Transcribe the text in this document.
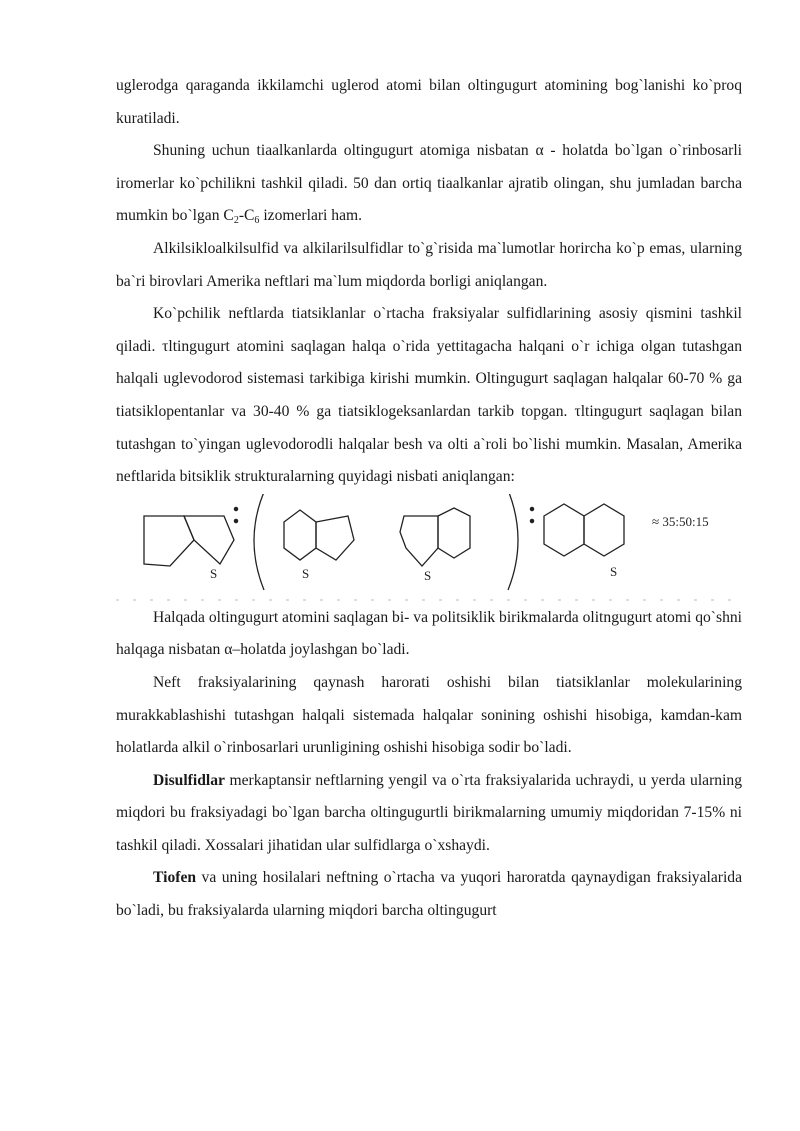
uglerodga qaraganda ikkilamchi uglerod atomi bilan oltingugurt atomining bog`lanishi ko`proq kuratiladi.

Shuning uchun tiaalkanlarda oltingugurt atomiga nisbatan α - holatda bo`lgan o`rinbosarli iromerlar ko`pchilikni tashkil qiladi. 50 dan ortiq tiaalkanlar ajratib olingan, shu jumladan barcha mumkin bo`lgan $C_2-C_6$ izomerlari ham.

Alkilsikloalkilsulfid va alkilarilsulfidlar to`g`risida ma`lumotlar horircha ko`p emas, ularning ba`ri birovlari Amerika neftlari ma`lum miqdorda borligi aniqlangan.

Ko`pchilik neftlarda tiatsiklanlar o`rtacha fraksiyalar sulfidlarining asosiy qismini tashkil qiladi. τltingugurt atomini saqlagan halqa o`rida yettitagacha halqani o`r ichiga olgan tutashgan halqali uglevodorod sistemasi tarkibiga kirishi mumkin. Oltingugurt saqlagan halqalar 60-70 % ga tiatsiklopentanlar va 30-40 % ga tiatsiklogeksanlardan tarkib topgan. τltingugurt saqlagan bilan tutashgan to`yingan uglevodorodli halqalar besh va olti a`roli bo`lishi mumkin. Masalan, Amerika neftlarida bitsiklik strukturalarning quyidagi nisbati aniqlangan:

S	S	S	S
≈ 35:50:15

Halqada oltingugurt atomini saqlagan bi- va politsiklik birikmalarda olitngugurt atomi qo`shni halqaga nisbatan α–holatda joylashgan bo`ladi.

Neft fraksiyalarining qaynash harorati oshishi bilan tiatsiklanlar molekularining murakkablashishi tutashgan halqali sistemada halqalar sonining oshishi hisobiga, kamdan-kam holatlarda alkil o`rinbosarlari urunligining oshishi hisobiga sodir bo`ladi.

Disulfidlar merkaptansir neftlarning yengil va o`rta fraksiyalarida uchraydi, u yerda ularning miqdori bu fraksiyadagi bo`lgan barcha oltingugurtli birikmalarning umumiy miqdoridan 7-15% ni tashkil qiladi. Xossalari jihatidan ular sulfidlarga o`xshaydi.

Tiofen va uning hosilalari neftning o`rtacha va yuqori haroratda qaynaydigan fraksiyalarida bo`ladi, bu fraksiyalarda ularning miqdori barcha oltingugurt
